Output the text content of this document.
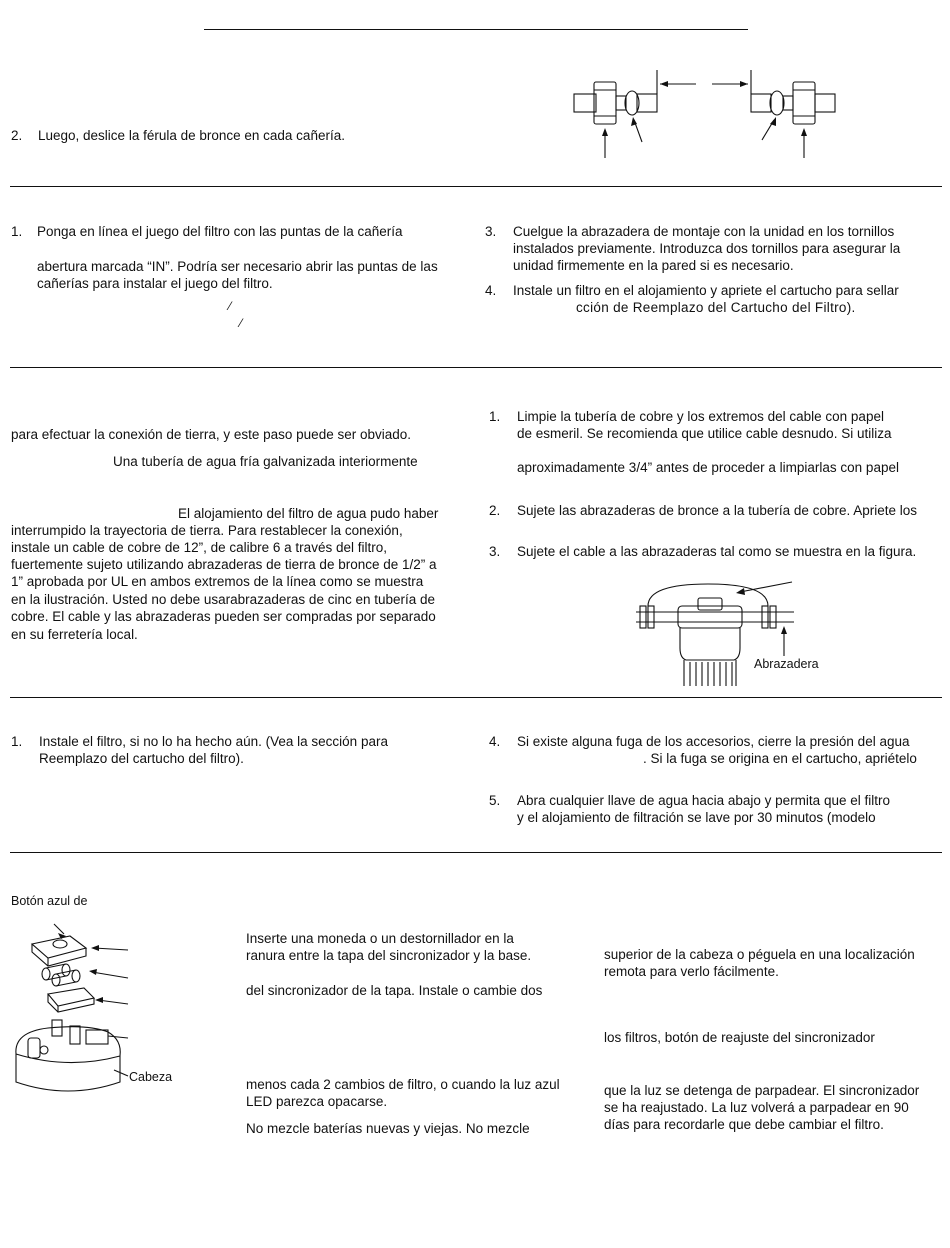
2. Luego, deslice la férula de bronce en cada cañería.
1. Ponga en línea el juego del filtro con las puntas de la cañería
abertura marcada “IN”. Podría ser necesario abrir las puntas de las
cañerías para instalar el juego del filtro.
⁄
⁄
3. Cuelgue la abrazadera de montaje con la unidad en los tornillos
instalados previamente. Introduzca dos tornillos para asegurar la
unidad firmemente en la pared si es necesario.
4. Instale un filtro en el alojamiento y apriete el cartucho para sellar
cción de Reemplazo del Cartucho del Filtro).
para efectuar la conexión de tierra, y este paso puede ser obviado.
Una tubería de agua fría galvanizada interiormente
El alojamiento del filtro de agua pudo haber
interrumpido la trayectoria de tierra. Para restablecer la conexión,
instale un cable de cobre de 12”, de calibre 6 a través del filtro,
fuertemente sujeto utilizando abrazaderas de tierra de bronce de 1/2” a
1” aprobada por UL en ambos extremos de la línea como se muestra
en la ilustración. Usted no debe usarabrazaderas de cinc en tubería de
cobre. El cable y las abrazaderas pueden ser compradas por separado
en su ferretería local.
1. Limpie la tubería de cobre y los extremos del cable con papel
de esmeril. Se recomienda que utilice cable desnudo. Si utiliza
aproximadamente 3/4” antes de proceder a limpiarlas con papel
2. Sujete las abrazaderas de bronce a la tubería de cobre. Apriete los
3. Sujete el cable a las abrazaderas tal como se muestra en la figura.
Abrazadera
1. Instale el filtro, si no lo ha hecho aún. (Vea la sección para
Reemplazo del cartucho del filtro).
4. Si existe alguna fuga de los accesorios, cierre la presión del agua
. Si la fuga se origina en el cartucho, apriételo
5. Abra cualquier llave de agua hacia abajo y permita que el filtro
y el alojamiento de filtración se lave por 30 minutos (modelo
Botón azul de
Cabeza
Inserte una moneda o un destornillador en la
ranura entre la tapa del sincronizador y la base.
del sincronizador de la tapa. Instale o cambie dos
menos cada 2 cambios de filtro, o cuando la luz azul
LED parezca opacarse.
No mezcle baterías nuevas y viejas. No mezcle
superior de la cabeza o péguela en una localización
remota para verlo fácilmente.
los filtros, botón de reajuste del sincronizador
que la luz se detenga de parpadear. El sincronizador
se ha reajustado. La luz volverá a parpadear en 90
días para recordarle que debe cambiar el filtro.
